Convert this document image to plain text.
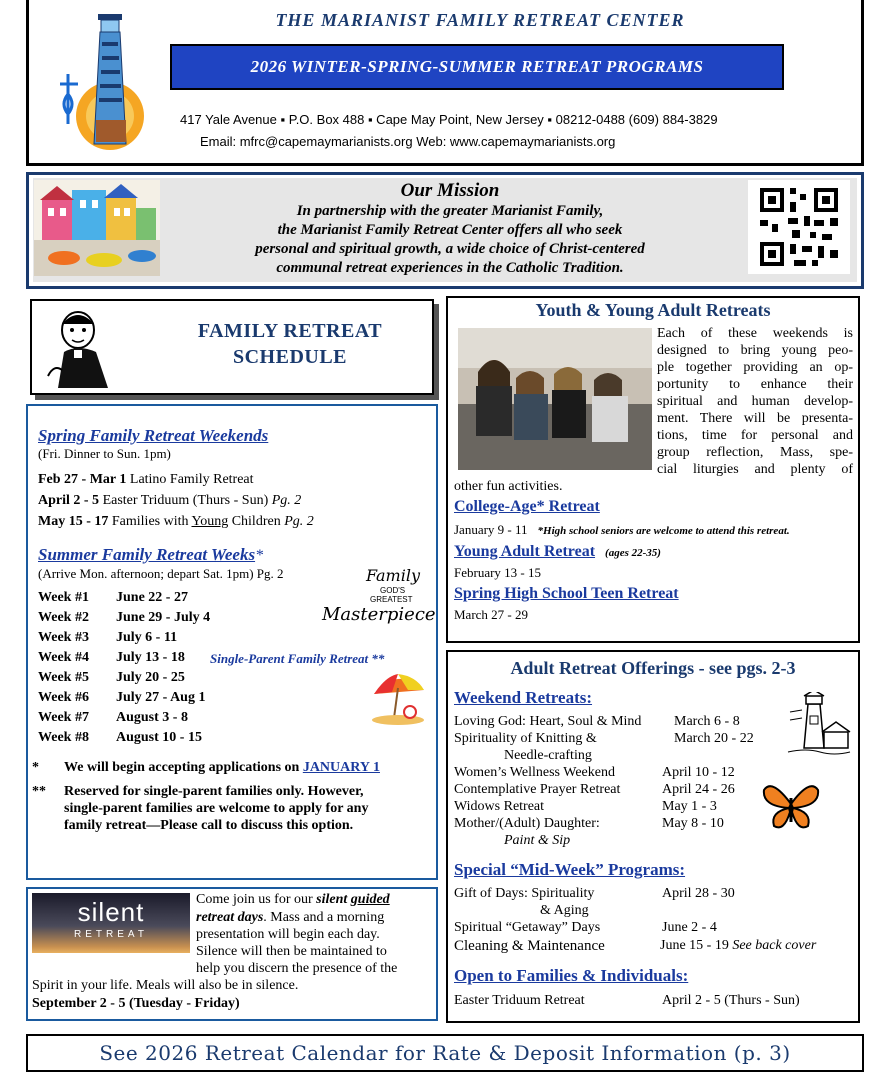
THE MARIANIST FAMILY RETREAT CENTER
2026 WINTER-SPRING-SUMMER RETREAT PROGRAMS
417 Yale Avenue ▪ P.O. Box 488 ▪ Cape May Point, New Jersey ▪ 08212-0488 (609) 884-3829
Email: mfrc@capemaymarianists.org Web: www.capemaymarianists.org
Our Mission
In partnership with the greater Marianist Family,
the Marianist Family Retreat Center offers all who seek
personal and spiritual growth, a wide choice of Christ-centered
communal retreat experiences in the Catholic Tradition.
FAMILY RETREAT
SCHEDULE
Spring Family Retreat Weekends
(Fri. Dinner to Sun. 1pm)
Feb 27 - Mar 1 Latino Family Retreat
April 2 - 5 Easter Triduum (Thurs - Sun) Pg. 2
May 15 - 17 Families with Young Children Pg. 2
Summer Family Retreat Weeks*
(Arrive Mon. afternoon; depart Sat. 1pm) Pg. 2
Week #1 June 22 - 27
Week #2 June 29 - July 4
Week #3 July 6 - 11
Week #4 July 13 - 18 Single-Parent Family Retreat **
Week #5 July 20 - 25
Week #6 July 27 - Aug 1
Week #7 August 3 - 8
Week #8 August 10 - 15
Family
GOD'S
GREATEST
Masterpiece
* We will begin accepting applications on JANUARY 1
** Reserved for single-parent families only. However,
single-parent families are welcome to apply for any
family retreat—Please call to discuss this option.
Youth & Young Adult Retreats
Each of these weekends is
designed to bring young peo-
ple together providing an op-
portunity to enhance their
spiritual and human develop-
ment. There will be presenta-
tions, time for personal and
group reflection, Mass, spe-
cial liturgies and plenty of
other fun activities.
College-Age* Retreat
January 9 - 11 *High school seniors are welcome to attend this retreat.
Young Adult Retreat (ages 22-35)
February 13 - 15
Spring High School Teen Retreat
March 27 - 29
Adult Retreat Offerings - see pgs. 2-3
Weekend Retreats:
Loving God: Heart, Soul & Mind March 6 - 8
Spirituality of Knitting &	March 20 - 22
Needle-crafting
Women’s Wellness Weekend	April 10 - 12
Contemplative Prayer Retreat	April 24 - 26
Widows Retreat	May 1 - 3
Mother/(Adult) Daughter:	May 8 - 10
Paint & Sip
Special “Mid-Week” Programs:
Gift of Days: Spirituality	April 28 - 30
& Aging
Spiritual “Getaway” Days	June 2 - 4
Cleaning & Maintenance	June 15 - 19 See back cover
Open to Families & Individuals:
Easter Triduum Retreat	April 2 - 5 (Thurs - Sun)
silent
RETREAT
Come join us for our silent guided
retreat days. Mass and a morning
presentation will begin each day.
Silence will then be maintained to
help you discern the presence of the
Spirit in your life. Meals will also be in silence.
September 2 - 5 (Tuesday - Friday)
See 2026 Retreat Calendar for Rate & Deposit Information (p. 3)
